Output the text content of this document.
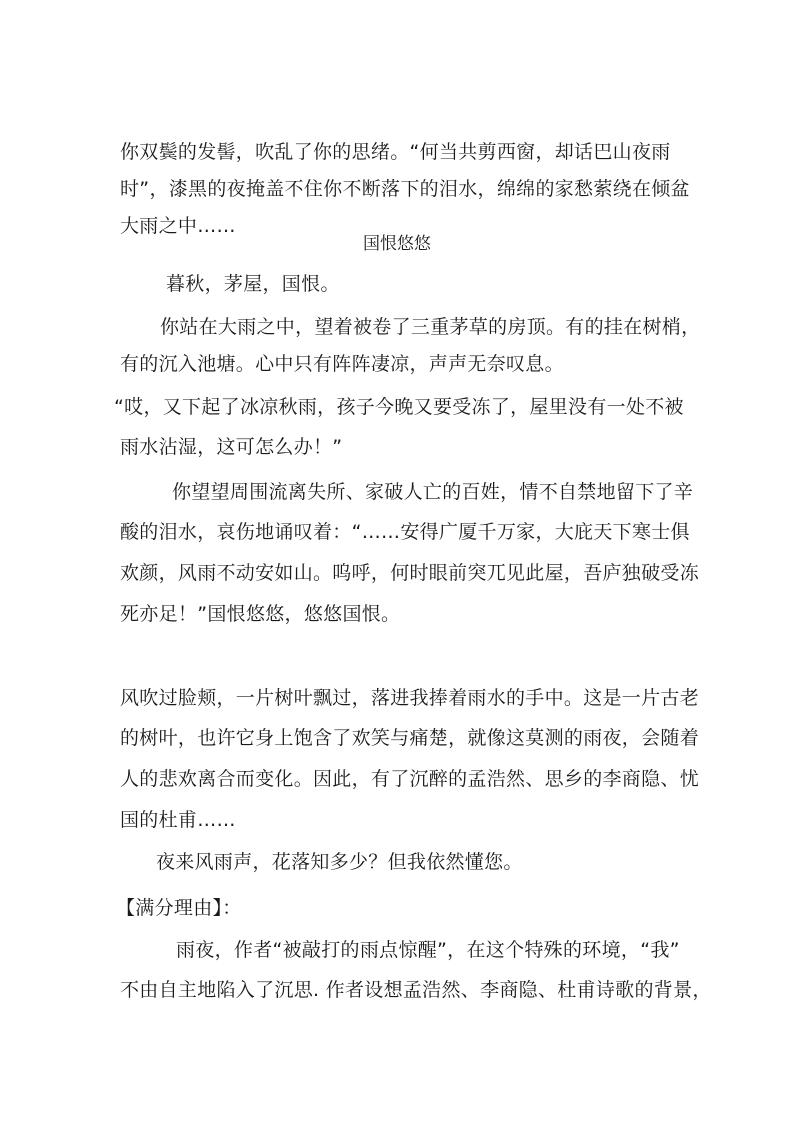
你双鬓的发髻，吹乱了你的思绪。“何当共剪西窗，却话巴山夜雨
时”，漆黑的夜掩盖不住你不断落下的泪水，绵绵的家愁萦绕在倾盆
大雨之中……
国恨悠悠
暮秋，茅屋，国恨。
你站在大雨之中，望着被卷了三重茅草的房顶。有的挂在树梢，
有的沉入池塘。心中只有阵阵凄凉，声声无奈叹息。
“哎，又下起了冰凉秋雨，孩子今晚又要受冻了，屋里没有一处不被
雨水沾湿，这可怎么办！”
你望望周围流离失所、家破人亡的百姓，情不自禁地留下了辛
酸的泪水，哀伤地诵叹着：“……安得广厦千万家，大庇天下寒士俱
欢颜，风雨不动安如山。呜呼，何时眼前突兀见此屋，吾庐独破受冻
死亦足！”国恨悠悠，悠悠国恨。
风吹过脸颊，一片树叶飘过，落进我捧着雨水的手中。这是一片古老
的树叶，也许它身上饱含了欢笑与痛楚，就像这莫测的雨夜，会随着
人的悲欢离合而变化。因此，有了沉醉的孟浩然、思乡的李商隐、忧
国的杜甫……
夜来风雨声，花落知多少？但我依然懂您。
【满分理由】：
雨夜，作者“被敲打的雨点惊醒”，在这个特殊的环境，“我”
不由自主地陷入了沉思. 作者设想孟浩然、李商隐、杜甫诗歌的背景，
